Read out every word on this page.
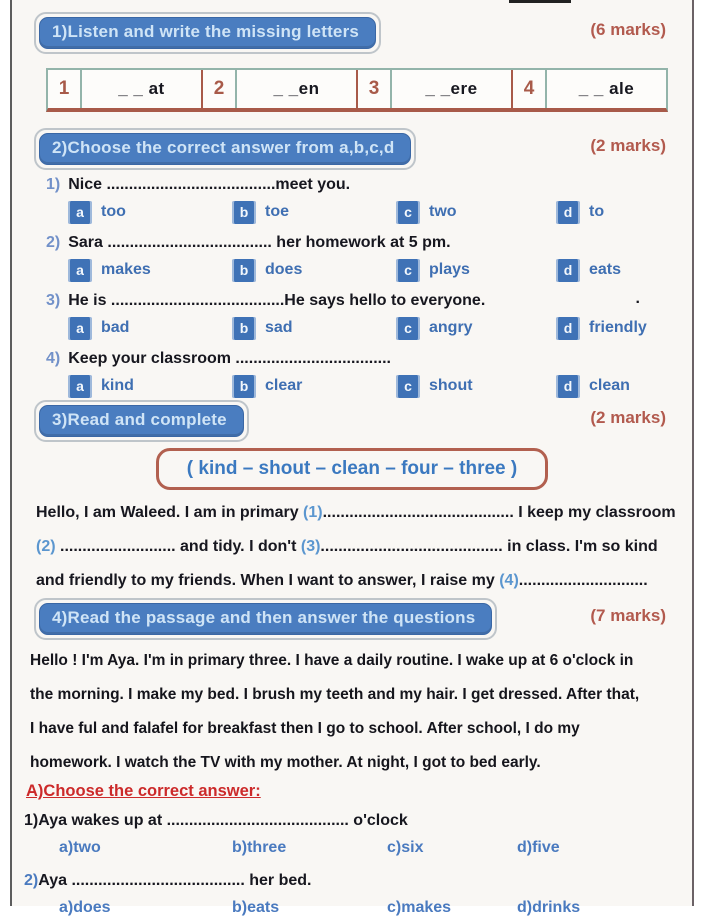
1)Listen and write the missing letters	(6 marks)
1	_ _ at	2	_ _en	3	_ _ere	4	_ _ ale
2)Choose the correct answer from a,b,c,d	(2 marks)
1) Nice ......................................meet you.
a	too	b	toe	c	two	d	to
2) Sara ..................................... her homework at 5 pm.
a	makes	b	does	c	plays	d	eats
3) He is .......................................He says hello to everyone.	.
a	bad	b	sad	c	angry	d	friendly
4) Keep your classroom ...................................
a	kind	b	clear	c	shout	d	clean
3)Read and complete	(2 marks)
( kind – shout – clean – four – three )
Hello, I am Waleed. I am in primary (1)........................................... I keep my classroom
(2) .......................... and tidy. I don't (3)......................................... in class. I'm so kind
and friendly to my friends. When I want to answer, I raise my (4).............................
4)Read the passage and then answer the questions	(7 marks)
Hello ! I'm Aya. I'm in primary three. I have a daily routine. I wake up at 6 o'clock in
the morning. I make my bed. I brush my teeth and my hair. I get dressed. After that,
I have ful and falafel for breakfast then I go to school. After school, I do my
homework. I watch the TV with my mother. At night, I got to bed early.
A)Choose the correct answer:
1) Aya wakes up at ......................................... o'clock
a)two	b)three	c)six	d)five
2) Aya ....................................... her bed.
a)does	b)eats	c)makes	d)drinks
